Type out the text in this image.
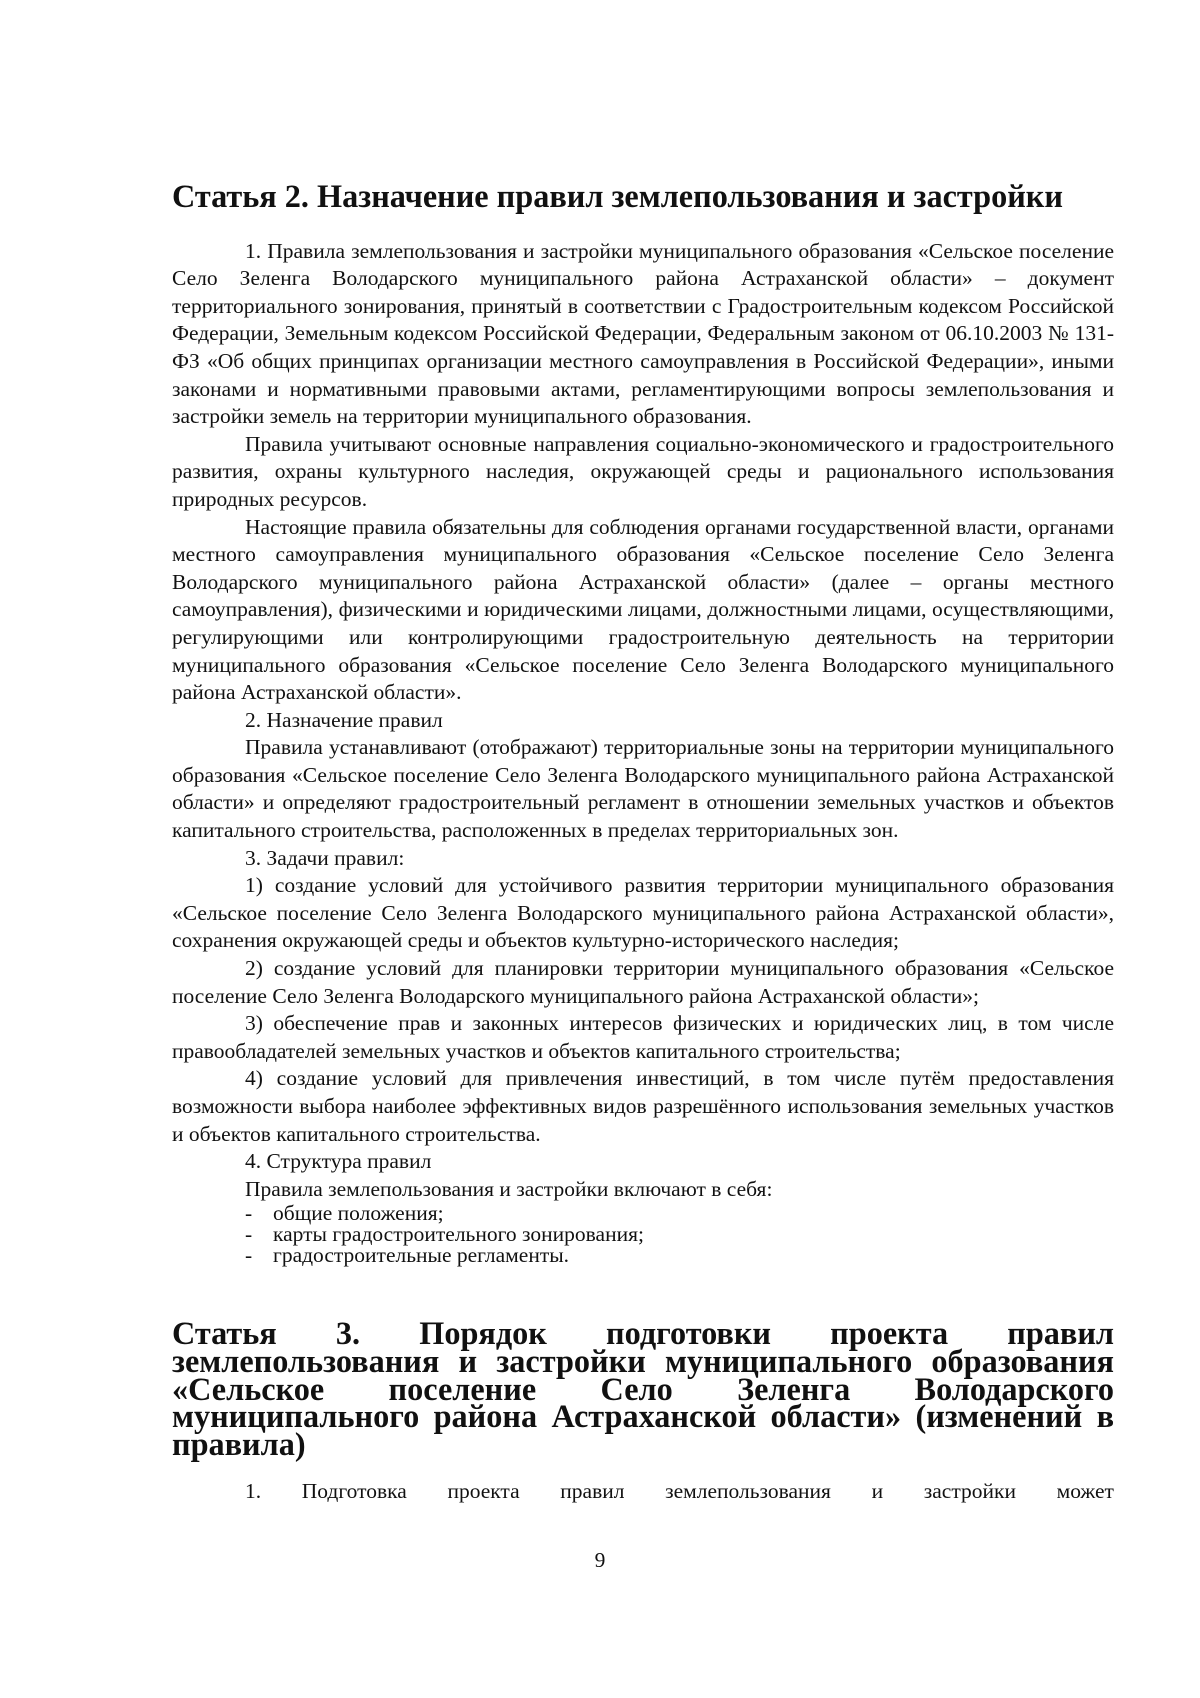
Статья 2. Назначение правил землепользования и застройки

1. Правила землепользования и застройки муниципального образования «Сельское поселение Село Зеленга Володарского муниципального района Астраханской области» – документ территориального зонирования, принятый в соответствии с Градостроительным кодексом Российской Федерации, Земельным кодексом Российской Федерации, Федеральным законом от 06.10.2003 № 131-ФЗ «Об общих принципах организации местного самоуправления в Российской Федерации», иными законами и нормативными правовыми актами, регламентирующими вопросы землепользования и застройки земель на территории муниципального образования.

Правила учитывают основные направления социально-экономического и градостроительного развития, охраны культурного наследия, окружающей среды и рационального использования природных ресурсов.

Настоящие правила обязательны для соблюдения органами государственной власти, органами местного самоуправления муниципального образования «Сельское поселение Село Зеленга Володарского муниципального района Астраханской области» (далее – органы местного самоуправления), физическими и юридическими лицами, должностными лицами, осуществляющими, регулирующими или контролирующими градостроительную деятельность на территории муниципального образования «Сельское поселение Село Зеленга Володарского муниципального района Астраханской области».

2. Назначение правил

Правила устанавливают (отображают) территориальные зоны на территории муниципального образования «Сельское поселение Село Зеленга Володарского муниципального района Астраханской области» и определяют градостроительный регламент в отношении земельных участков и объектов капитального строительства, расположенных в пределах территориальных зон.

3. Задачи правил:

1) создание условий для устойчивого развития территории муниципального образования «Сельское поселение Село Зеленга Володарского муниципального района Астраханской области», сохранения окружающей среды и объектов культурно-исторического наследия;

2) создание условий для планировки территории муниципального образования «Сельское поселение Село Зеленга Володарского муниципального района Астраханской области»;

3) обеспечение прав и законных интересов физических и юридических лиц, в том числе правообладателей земельных участков и объектов капитального строительства;

4) создание условий для привлечения инвестиций, в том числе путём предоставления возможности выбора наиболее эффективных видов разрешённого использования земельных участков и объектов капитального строительства.

4. Структура правил

Правила землепользования и застройки включают в себя:

- общие положения;
- карты градостроительного зонирования;
- градостроительные регламенты.
Статья 3. Порядок подготовки проекта правил землепользования и застройки муниципального образования «Сельское поселение Село Зеленга Володарского муниципального района Астраханской области» (изменений в правила)

1. Подготовка проекта правил землепользования и застройки может

9
